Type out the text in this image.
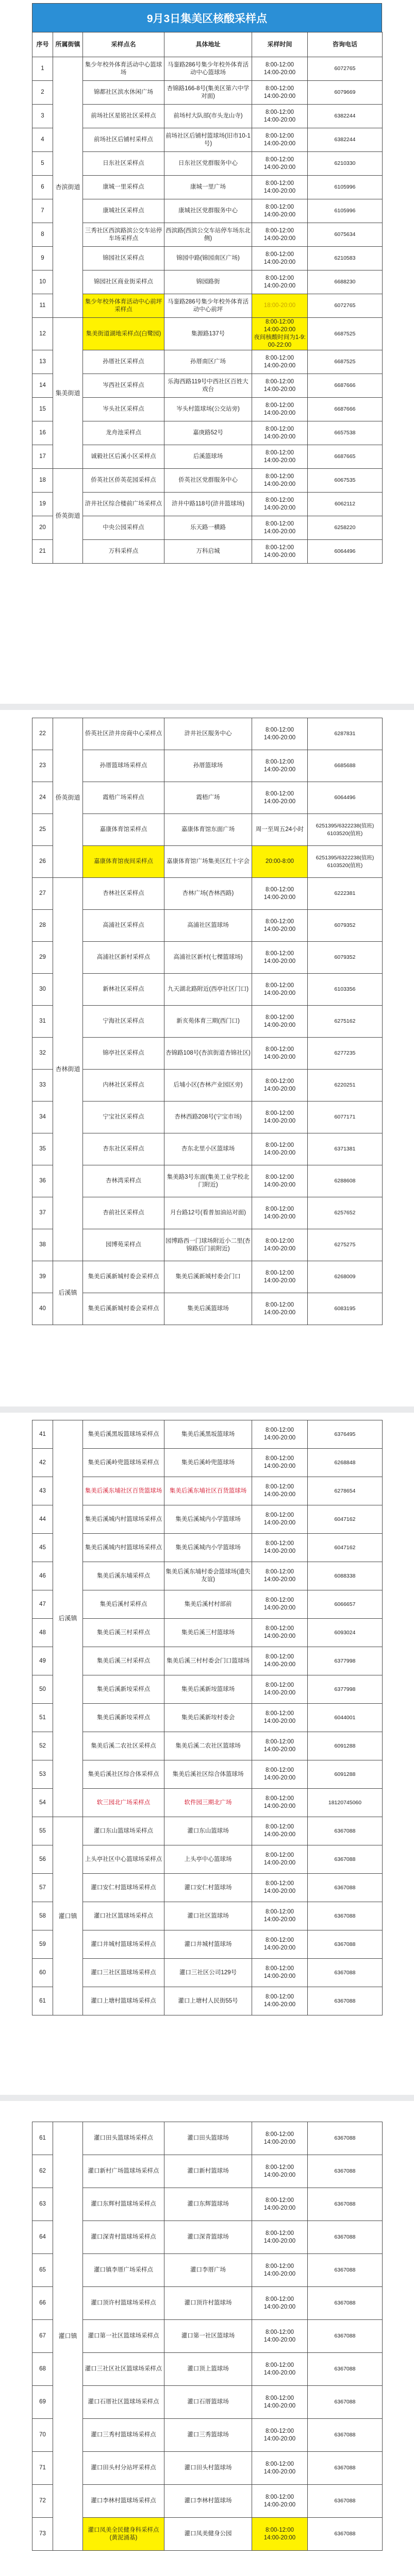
9月3日集美区核酸采样点
序号	所属街镇	采样点名	具体地址	采样时间	咨询电话
1	杏滨街道	集少年校外体育活动中心篮球场	马銮路286号集少年校外体育活动中心篮球场	8:00-12:00
14:00-20:00	6072765
2		锦都社区滨水休闲广场	杏锦路166-8号(集美区第六中学对面)	8:00-12:00
14:00-20:00	6079669
3		前场社区星铭社区采样点	前场村大队部(市头龙山寺)	8:00-12:00
14:00-20:00	6382244
4		前场社区后铺村采样点	前场社区后铺村篮球场(旧市10-1号)	8:00-12:00
14:00-20:00	6382244
5		日东社区采样点	日东社区党群服务中心	8:00-12:00
14:00-20:00	6210330
6		康城一里采样点	康城一里广场	8:00-12:00
14:00-20:00	6105996
7		康城社区采样点	康城社区党群服务中心	8:00-12:00
14:00-20:00	6105996
8		三秀社区西滨路滨公交车站停车场采样点	西滨路(西滨公交车站停车场东北侧)	8:00-12:00
14:00-20:00	6075634
9		锦园社区采样点	锦园中路(锦园南区广场)	8:00-12:00
14:00-20:00	6210583
10		锦园社区商业街采样点	锦园路街	8:00-12:00
14:00-20:00	6688230
11		集少年校外体育活动中心前坪采样点	马銮路286号集少年校外体育活动中心前坪	18:00-20:00	6072765
12	集美街道	集美街道湖地采样点(白鹭园)	集源路137号	8:00-12:00
14:00-20:00
夜间核酸时间为1-9:00-22:00	6687525
13		孙厝社区采样点	孙厝南区广场	8:00-12:00
14:00-20:00	6687525
14		岑西社区采样点	乐海西路119号中西社区百姓大戏台	8:00-12:00
14:00-20:00	6687666
15		岑头社区采样点	岑头村篮球场(公交站旁)	8:00-12:00
14:00-20:00	6687666
16		龙舟池采样点	嘉庚路52号	8:00-12:00
14:00-20:00	6657538
17		诚毅社区后溪小区采样点	后溪篮球场	8:00-12:00
14:00-20:00	6687665
18	侨英街道	侨英社区侨英花园采样点	侨英社区党群服务中心	8:00-12:00
14:00-20:00	6067535
19		浒井社区综合楼前广场采样点	浒井中路118号(浒井篮球场)	8:00-12:00
14:00-20:00	6062112
20		中央公园采样点	乐天路一横路	8:00-12:00
14:00-20:00	6258220
21		万科采样点	万科启城	8:00-12:00
14:00-20:00	6064496
22	侨英街道	侨英社区浒井房商中心采样点	浒井社区服务中心	8:00-12:00
14:00-20:00	6287831
23		孙厝篮球场采样点	孙厝篮球场	8:00-12:00
14:00-20:00	6685688
24		霞梧广场采样点	霞梧广场	8:00-12:00
14:00-20:00	6064496
25		嘉康体育馆采样点	嘉康体育馆东面广场	周一至周五24小时	6251395/6322238(值班)
6103520(值班)
26		嘉康体育馆夜间采样点	嘉康体育馆广场集美区红十字会	20:00-8:00	6251395/6322238(值班)
6103520(值班)
27	杏林街道	杏林社区采样点	杏林广场(杏林西路)	8:00-12:00
14:00-20:00	6222381
28		高浦社区采样点	高浦社区篮球场	8:00-12:00
14:00-20:00	6079352
29		高浦社区新村采样点	高浦社区新村(七棵篮球场)	8:00-12:00
14:00-20:00	6079352
30		新林社区采样点	九天湖北路附近(西亭社区门口)	8:00-12:00
14:00-20:00	6103356
31		宁海社区采样点	新亥苑体育三期(西门口)	8:00-12:00
14:00-20:00	6275162
32		锦亭社区采样点	杏锦路108号(杏滨街道杏锦社区)	8:00-12:00
14:00-20:00	6277235
33		内林社区采样点	后埔小区(杏林产业园区旁)	8:00-12:00
14:00-20:00	6220251
34		宁宝社区采样点	杏林西路208号(宁宝市场)	8:00-12:00
14:00-20:00	6077171
35		杏东社区采样点	杏东北里小区篮球场	8:00-12:00
14:00-20:00	6371381
36		杏林湾采样点	集美路3号东面(集美工业学校北门附近)	8:00-12:00
14:00-20:00	6288608
37		杏前社区采样点	月台路12号(看普加油站对面)	8:00-12:00
14:00-20:00	6257652
38		园博苑采样点	园博路西一门球场附近小二里(杏锦路后门前附近)	8:00-12:00
14:00-20:00	6275275
39	后溪镇	集美后溪新城村委会采样点	集美后溪新城村委会门口	8:00-12:00
14:00-20:00	6268009
40		集美后溪新城村委会采样点	集美后溪篮球场	8:00-12:00
14:00-20:00	6083195
41	后溪镇	集美后溪黑坂篮球场采样点	集美后溪黑坂篮球场	8:00-12:00
14:00-20:00	6376495
42		集美后溪岭兜篮球场采样点	集美后溪岭兜篮球场	8:00-12:00
14:00-20:00	6268848
43		集美后溪东埔社区百货篮球场	集美后溪东埔社区百货篮球场	8:00-12:00
14:00-20:00	6278654
44		集美后溪城内村篮球场采样点	集美后溪城内小学篮球场	8:00-12:00
14:00-20:00	6047162
45		集美后溪城内村篮球场采样点	集美后溪城内小学篮球场	8:00-12:00
14:00-20:00	6047162
46		集美后溪东埔采样点	集美后溪东埔村委会篮球场(遗失友谊)	8:00-12:00
14:00-20:00	6088338
47		集美后溪村采样点	集美后溪村村部前	8:00-12:00
14:00-20:00	6066657
48		集美后溪三村采样点	集美后溪三村篮球场	8:00-12:00
14:00-20:00	6093024
49		集美后溪三村采样点	集美后溪三村村委会门口篮球场	8:00-12:00
14:00-20:00	6377998
50		集美后溪新垵采样点	集美后溪新垵篮球场	8:00-12:00
14:00-20:00	6377998
51		集美后溪新垵采样点	集美后溪新垵村委会	8:00-12:00
14:00-20:00	6044001
52		集美后溪二农社区采样点	集美后溪二农社区篮球场	8:00-12:00
14:00-20:00	6091288
53		集美后溪社区综合体采样点	集美后溪社区综合体篮球场	8:00-12:00
14:00-20:00	6091288
54		软三园北广场采样点	软件园三期北广场	8:00-12:00
14:00-20:00	18120745060
55	灌口镇	灌口东山篮球场采样点	灌口东山篮球场	8:00-12:00
14:00-20:00	6367088
56		上头亭社区中心篮球场采样点	上头亭中心篮球场	8:00-12:00
14:00-20:00	6367088
57		灌口安仁村篮球场采样点	灌口安仁村篮球场	8:00-12:00
14:00-20:00	6367088
58		灌口社区篮球场采样点	灌口社区篮球场	8:00-12:00
14:00-20:00	6367088
59		灌口井城村篮球场采样点	灌口井城村篮球场	8:00-12:00
14:00-20:00	6367088
60		灌口三社区篮球场采样点	灌口三社区公司129号	8:00-12:00
14:00-20:00	6367088
61		灌口上塘村篮球场采样点	灌口上塘村人民街55号	8:00-12:00
14:00-20:00	6367088
61	灌口镇	灌口田头篮球场采样点	灌口田头篮球场	8:00-12:00
14:00-20:00	6367088
62		灌口新村广场篮球场采样点	灌口新村篮球场	8:00-12:00
14:00-20:00	6367088
63		灌口东辉村篮球场采样点	灌口东辉篮球场	8:00-12:00
14:00-20:00	6367088
64		灌口深青村篮球场采样点	灌口深青篮球场	8:00-12:00
14:00-20:00	6367088
65		灌口镇李厝广场采样点	灌口李厝广场	8:00-12:00
14:00-20:00	6367088
66		灌口顶许村篮球场采样点	灌口顶许村篮球场	8:00-12:00
14:00-20:00	6367088
67		灌口第一社区篮球场采样点	灌口第一社区篮球场	8:00-12:00
14:00-20:00	6367088
68		灌口三社区社区篮球场采样点	灌口顶上篮球场	8:00-12:00
14:00-20:00	6367088
69		灌口石厝社区篮球场采样点	灌口石厝篮球场	8:00-12:00
14:00-20:00	6367088
70		灌口三秀村篮球场采样点	灌口三秀篮球场	8:00-12:00
14:00-20:00	6367088
71		灌口田头村分站坪采样点	灌口田头村篮球场	8:00-12:00
14:00-20:00	6367088
72		灌口李林村篮球场采样点	灌口李林村篮球场	8:00-12:00
14:00-20:00	6367088
73		灌口凤美全民健身科采样点(黄泥涌基)	灌口凤美健身公园	8:00-12:00
14:00-20:00	6367088
